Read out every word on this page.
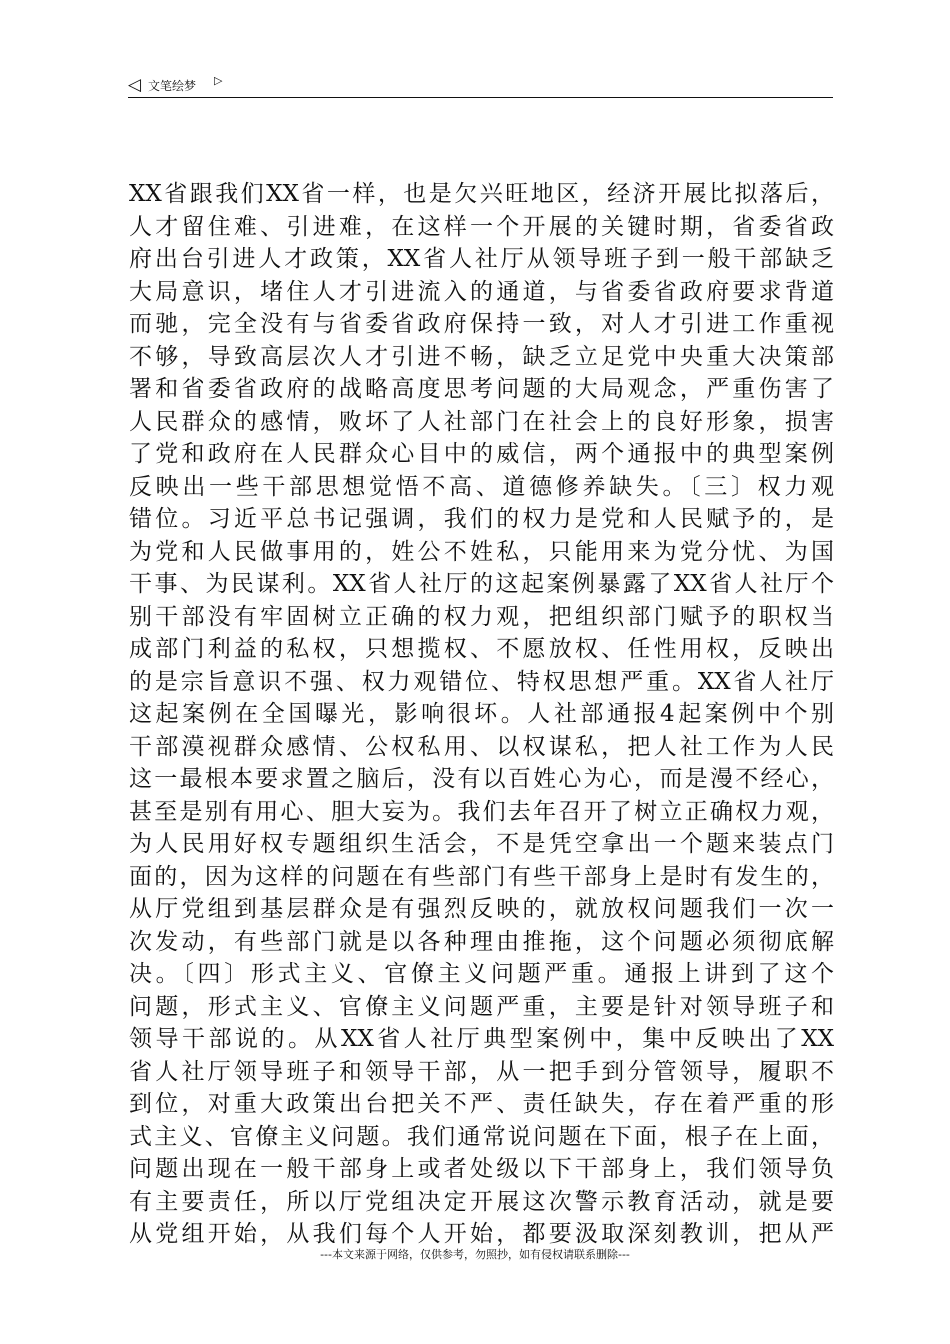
◁ 文笔绘梦 ▷
XX省跟我们XX省一样，也是欠兴旺地区，经济开展比拟落后，
人才留住难、引进难，在这样一个开展的关键时期，省委省政
府出台引进人才政策，XX省人社厅从领导班子到一般干部缺乏
大局意识，堵住人才引进流入的通道，与省委省政府要求背道
而驰，完全没有与省委省政府保持一致，对人才引进工作重视
不够，导致高层次人才引进不畅，缺乏立足党中央重大决策部
署和省委省政府的战略高度思考问题的大局观念，严重伤害了
人民群众的感情，败坏了人社部门在社会上的良好形象，损害
了党和政府在人民群众心目中的威信，两个通报中的典型案例
反映出一些干部思想觉悟不高、道德修养缺失。〔三〕权力观
错位。习近平总书记强调，我们的权力是党和人民赋予的，是
为党和人民做事用的，姓公不姓私，只能用来为党分忧、为国
干事、为民谋利。XX省人社厅的这起案例暴露了XX省人社厅个
别干部没有牢固树立正确的权力观，把组织部门赋予的职权当
成部门利益的私权，只想揽权、不愿放权、任性用权，反映出
的是宗旨意识不强、权力观错位、特权思想严重。XX省人社厅
这起案例在全国曝光，影响很坏。人社部通报4起案例中个别
干部漠视群众感情、公权私用、以权谋私，把人社工作为人民
这一最根本要求置之脑后，没有以百姓心为心，而是漫不经心，
甚至是别有用心、胆大妄为。我们去年召开了树立正确权力观，
为人民用好权专题组织生活会，不是凭空拿出一个题来装点门
面的，因为这样的问题在有些部门有些干部身上是时有发生的，
从厅党组到基层群众是有强烈反映的，就放权问题我们一次一
次发动，有些部门就是以各种理由推拖，这个问题必须彻底解
决。〔四〕形式主义、官僚主义问题严重。通报上讲到了这个
问题，形式主义、官僚主义问题严重，主要是针对领导班子和
领导干部说的。从XX省人社厅典型案例中，集中反映出了XX
省人社厅领导班子和领导干部，从一把手到分管领导，履职不
到位，对重大政策出台把关不严、责任缺失，存在着严重的形
式主义、官僚主义问题。我们通常说问题在下面，根子在上面，
问题出现在一般干部身上或者处级以下干部身上，我们领导负
有主要责任，所以厅党组决定开展这次警示教育活动，就是要
从党组开始，从我们每个人开始，都要汲取深刻教训，把从严
---本文来源于网络，仅供参考，勿照抄，如有侵权请联系删除---
